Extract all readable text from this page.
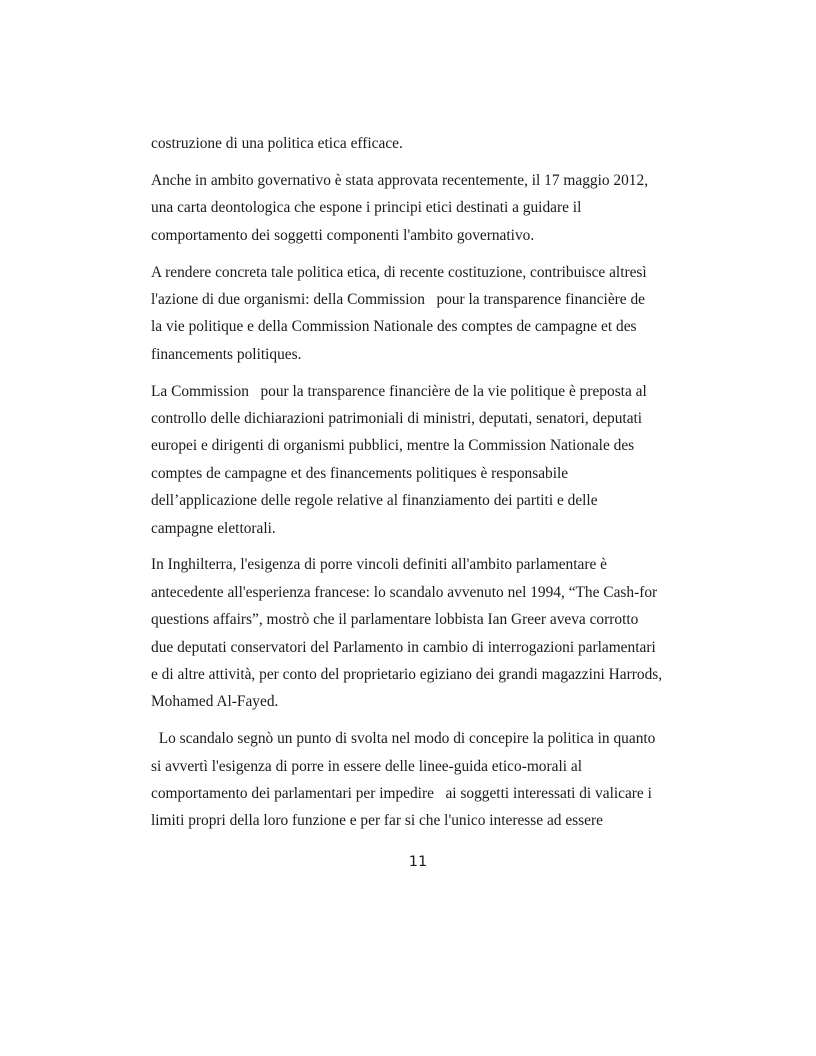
costruzione di una politica etica efficace.
Anche in ambito governativo è stata approvata recentemente, il 17 maggio 2012,
una carta deontologica che espone i principi etici destinati a guidare il
comportamento dei soggetti componenti l'ambito governativo.
A rendere concreta tale politica etica, di recente costituzione, contribuisce altresì
l'azione di due organismi: della Commission   pour la transparence financière de
la vie politique e della Commission Nationale des comptes de campagne et des
financements politiques.
La Commission   pour la transparence financière de la vie politique è preposta al
controllo delle dichiarazioni patrimoniali di ministri, deputati, senatori, deputati
europei e dirigenti di organismi pubblici, mentre la Commission Nationale des
comptes de campagne et des financements politiques è responsabile
dell’applicazione delle regole relative al finanziamento dei partiti e delle
campagne elettorali.
In Inghilterra, l'esigenza di porre vincoli definiti all'ambito parlamentare è
antecedente all'esperienza francese: lo scandalo avvenuto nel 1994, “The Cash-for
questions affairs”, mostrò che il parlamentare lobbista Ian Greer aveva corrotto
due deputati conservatori del Parlamento in cambio di interrogazioni parlamentari
e di altre attività, per conto del proprietario egiziano dei grandi magazzini Harrods,
Mohamed Al-Fayed.
Lo scandalo segnò un punto di svolta nel modo di concepire la politica in quanto
si avvertì l'esigenza di porre in essere delle linee-guida etico-morali al
comportamento dei parlamentari per impedire   ai soggetti interessati di valicare i
limiti propri della loro funzione e per far si che l'unico interesse ad essere
11
